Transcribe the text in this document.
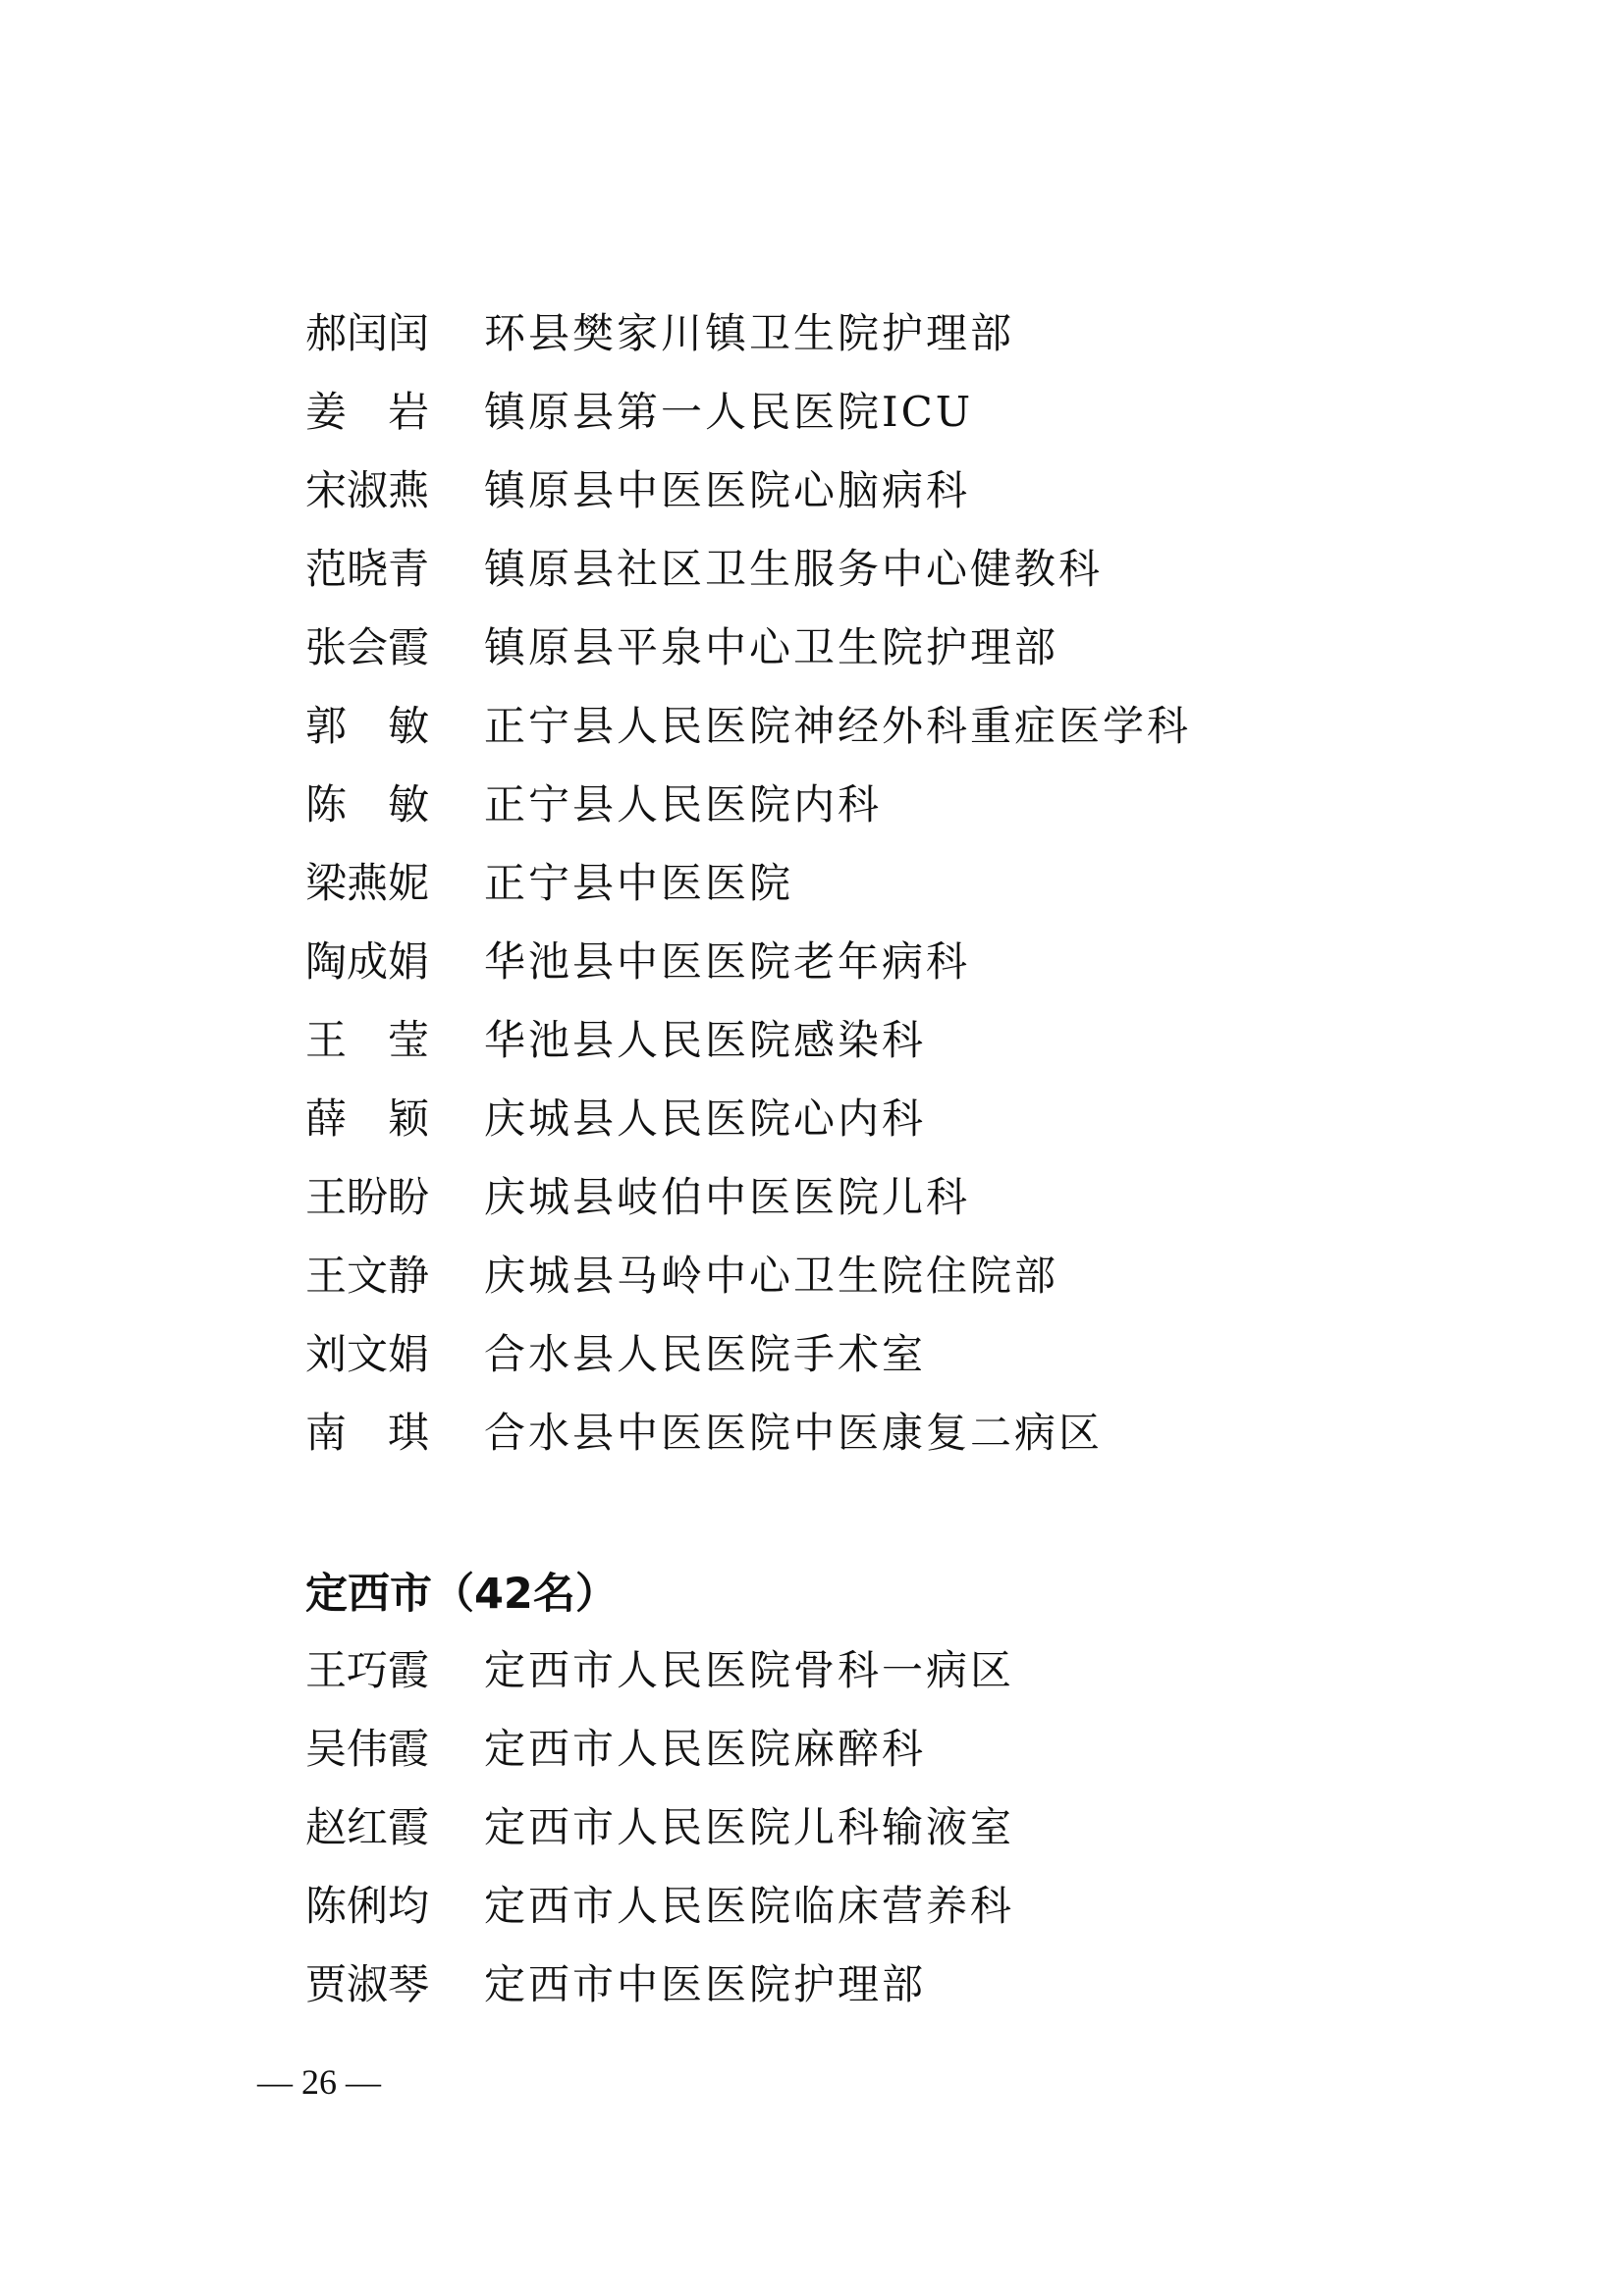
郝闰闰	环县樊家川镇卫生院护理部
姜　岩	镇原县第一人民医院ICU
宋淑燕	镇原县中医医院心脑病科
范晓青	镇原县社区卫生服务中心健教科
张会霞	镇原县平泉中心卫生院护理部
郭　敏	正宁县人民医院神经外科重症医学科
陈　敏	正宁县人民医院内科
梁燕妮	正宁县中医医院
陶成娟	华池县中医医院老年病科
王　莹	华池县人民医院感染科
薛　颖	庆城县人民医院心内科
王盼盼	庆城县岐伯中医医院儿科
王文静	庆城县马岭中心卫生院住院部
刘文娟	合水县人民医院手术室
南　琪	合水县中医医院中医康复二病区
定西市（42名）
王巧霞	定西市人民医院骨科一病区
吴伟霞	定西市人民医院麻醉科
赵红霞	定西市人民医院儿科输液室
陈俐均	定西市人民医院临床营养科
贾淑琴	定西市中医医院护理部
— 26 —
